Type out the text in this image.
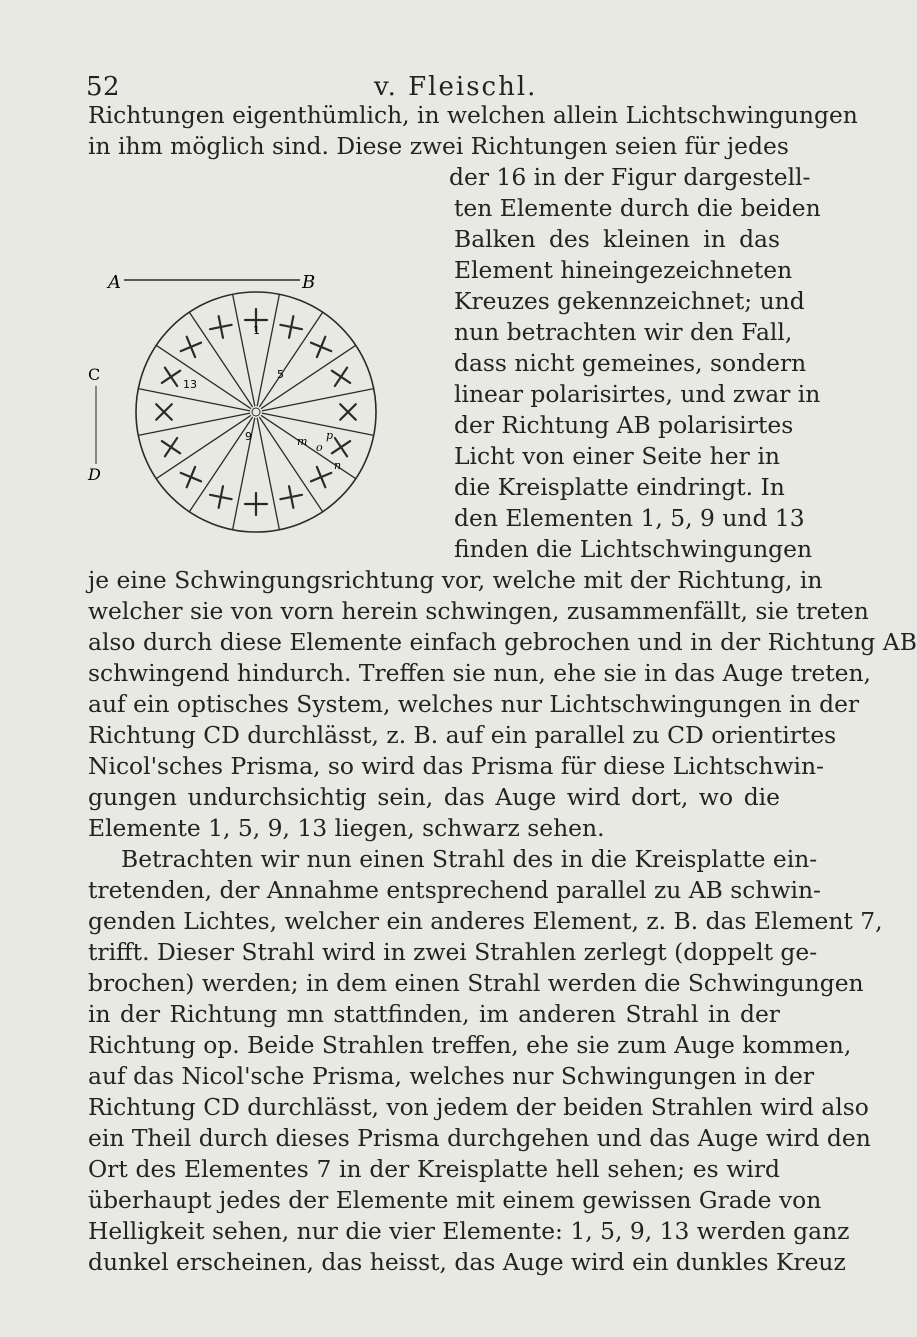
52	v. Fleischl.
Richtungen eigenthümlich, in welchen allein Lichtschwingungen
in ihm möglich sind. Diese zwei Richtungen seien für jedes
der 16 in der Figur dargestell-
ten Elemente durch die beiden
Balken des kleinen in das
Element hineingezeichneten
Kreuzes gekennzeichnet; und
nun betrachten wir den Fall,
dass nicht gemeines, sondern
linear polarisirtes, und zwar in
der Richtung AB polarisirtes
Licht von einer Seite her in
die Kreisplatte eindringt. In
den Elementen 1, 5, 9 und 13
finden die Lichtschwingungen
je eine Schwingungsrichtung vor, welche mit der Richtung, in
welcher sie von vorn herein schwingen, zusammenfällt, sie treten
also durch diese Elemente einfach gebrochen und in der Richtung AB
schwingend hindurch. Treffen sie nun, ehe sie in das Auge treten,
auf ein optisches System, welches nur Lichtschwingungen in der
Richtung CD durchlässt, z. B. auf ein parallel zu CD orientirtes
Nicol'sches Prisma, so wird das Prisma für diese Lichtschwin-
gungen undurchsichtig sein, das Auge wird dort, wo die
Elemente 1, 5, 9, 13 liegen, schwarz sehen.
Betrachten wir nun einen Strahl des in die Kreisplatte ein-
tretenden, der Annahme entsprechend parallel zu AB schwin-
genden Lichtes, welcher ein anderes Element, z. B. das Element 7,
trifft. Dieser Strahl wird in zwei Strahlen zerlegt (doppelt ge-
brochen) werden; in dem einen Strahl werden die Schwingungen
in der Richtung mn stattfinden, im anderen Strahl in der
Richtung op. Beide Strahlen treffen, ehe sie zum Auge kommen,
auf das Nicol'sche Prisma, welches nur Schwingungen in der
Richtung CD durchlässt, von jedem der beiden Strahlen wird also
ein Theil durch dieses Prisma durchgehen und das Auge wird den
Ort des Elementes 7 in der Kreisplatte hell sehen; es wird
überhaupt jedes der Elemente mit einem gewissen Grade von
Helligkeit sehen, nur die vier Elemente: 1, 5, 9, 13 werden ganz
dunkel erscheinen, das heisst, das Auge wird ein dunkles Kreuz
A	B
C
D
1
5
9
13
m
n
o
p
